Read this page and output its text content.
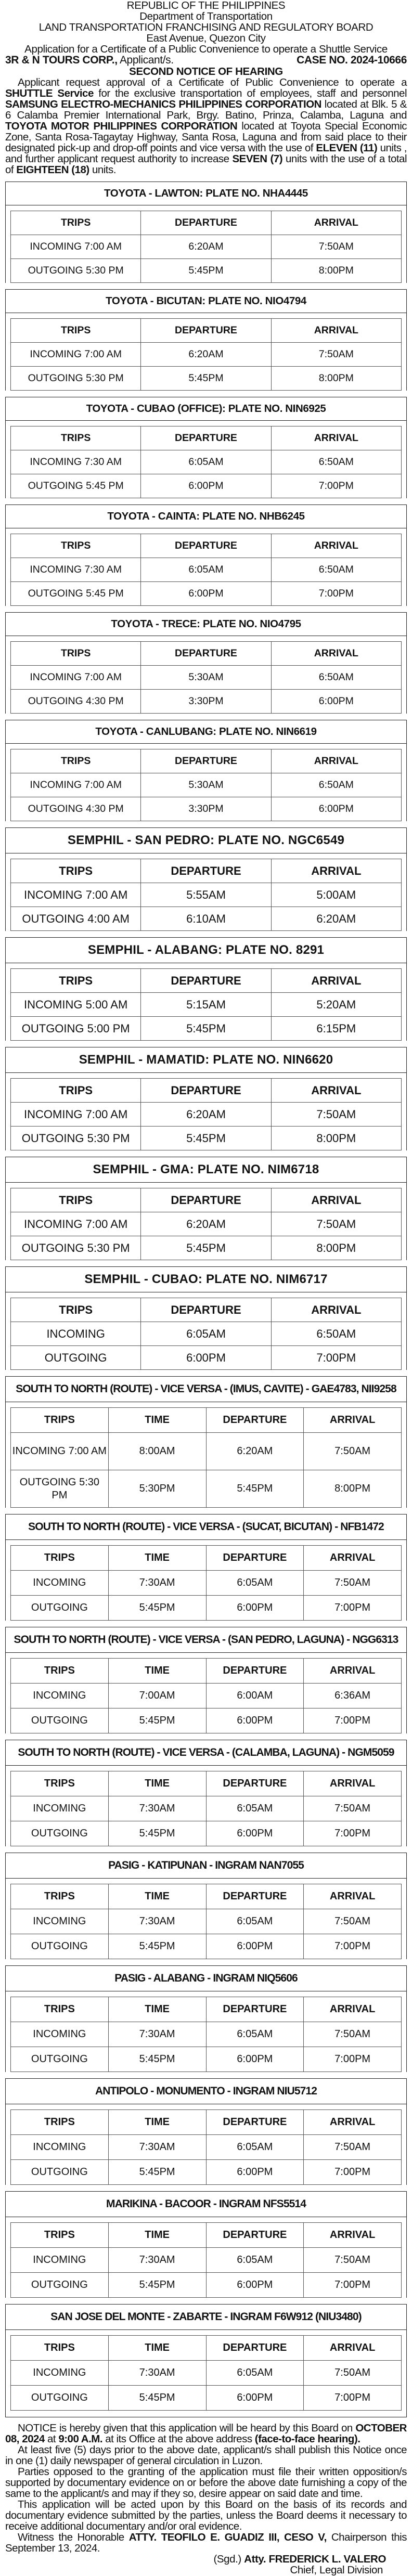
REPUBLIC OF THE PHILIPPINES
Department of Transportation
LAND TRANSPORTATION FRANCHISING AND REGULATORY BOARD
East Avenue, Quezon City
Application for a Certificate of a Public Convenience to operate a Shuttle Service
3R & N TOURS CORP., Applicant/s.	CASE NO. 2024-10666
SECOND NOTICE OF HEARING
Applicant request approval of a Certificate of Public Convenience to operate a SHUTTLE Service for the exclusive transportation of employees, staff and personnel SAMSUNG ELECTRO-MECHANICS PHILIPPINES CORPORATION located at Blk. 5 & 6 Calamba Premier International Park, Brgy. Batino, Prinza, Calamba, Laguna and TOYOTA MOTOR PHILIPPINES CORPORATION located at Toyota Special Economic Zone, Santa Rosa-Tagaytay Highway, Santa Rosa, Laguna and from said place to their designated pick-up and drop-off points and vice versa with the use of ELEVEN (11) units , and further applicant request authority to increase SEVEN (7) units with the use of a total of EIGHTEEN (18) units.
TOYOTA - LAWTON: PLATE NO. NHA4445
TRIPS	DEPARTURE	ARRIVAL
INCOMING 7:00 AM	6:20AM	7:50AM
OUTGOING 5:30 PM	5:45PM	8:00PM
TOYOTA - BICUTAN: PLATE NO. NIO4794
TRIPS	DEPARTURE	ARRIVAL
INCOMING 7:00 AM	6:20AM	7:50AM
OUTGOING 5:30 PM	5:45PM	8:00PM
TOYOTA - CUBAO (OFFICE): PLATE NO. NIN6925
TRIPS	DEPARTURE	ARRIVAL
INCOMING 7:30 AM	6:05AM	6:50AM
OUTGOING 5:45 PM	6:00PM	7:00PM
TOYOTA - CAINTA: PLATE NO. NHB6245
TRIPS	DEPARTURE	ARRIVAL
INCOMING 7:30 AM	6:05AM	6:50AM
OUTGOING 5:45 PM	6:00PM	7:00PM
TOYOTA - TRECE: PLATE NO. NIO4795
TRIPS	DEPARTURE	ARRIVAL
INCOMING 7:00 AM	5:30AM	6:50AM
OUTGOING 4:30 PM	3:30PM	6:00PM
TOYOTA - CANLUBANG: PLATE NO. NIN6619
TRIPS	DEPARTURE	ARRIVAL
INCOMING 7:00 AM	5:30AM	6:50AM
OUTGOING 4:30 PM	3:30PM	6:00PM
SEMPHIL - SAN PEDRO: PLATE NO. NGC6549
TRIPS	DEPARTURE	ARRIVAL
INCOMING 7:00 AM	5:55AM	5:00AM
OUTGOING 4:00 AM	6:10AM	6:20AM
SEMPHIL - ALABANG: PLATE NO. 8291
TRIPS	DEPARTURE	ARRIVAL
INCOMING 5:00 AM	5:15AM	5:20AM
OUTGOING 5:00 PM	5:45PM	6:15PM
SEMPHIL - MAMATID: PLATE NO. NIN6620
TRIPS	DEPARTURE	ARRIVAL
INCOMING 7:00 AM	6:20AM	7:50AM
OUTGOING 5:30 PM	5:45PM	8:00PM
SEMPHIL - GMA: PLATE NO. NIM6718
TRIPS	DEPARTURE	ARRIVAL
INCOMING 7:00 AM	6:20AM	7:50AM
OUTGOING 5:30 PM	5:45PM	8:00PM
SEMPHIL - CUBAO: PLATE NO. NIM6717
TRIPS	DEPARTURE	ARRIVAL
INCOMING	6:05AM	6:50AM
OUTGOING	6:00PM	7:00PM
SOUTH TO NORTH (ROUTE) - VICE VERSA - (IMUS, CAVITE) - GAE4783, NII9258
TRIPS	TIME	DEPARTURE	ARRIVAL
INCOMING 7:00 AM	8:00AM	6:20AM	7:50AM
OUTGOING 5:30 PM	5:30PM	5:45PM	8:00PM
SOUTH TO NORTH (ROUTE) - VICE VERSA - (SUCAT, BICUTAN) - NFB1472
TRIPS	TIME	DEPARTURE	ARRIVAL
INCOMING	7:30AM	6:05AM	7:50AM
OUTGOING	5:45PM	6:00PM	7:00PM
SOUTH TO NORTH (ROUTE) - VICE VERSA - (SAN PEDRO, LAGUNA) - NGG6313
TRIPS	TIME	DEPARTURE	ARRIVAL
INCOMING	7:00AM	6:00AM	6:36AM
OUTGOING	5:45PM	6:00PM	7:00PM
SOUTH TO NORTH (ROUTE) - VICE VERSA - (CALAMBA, LAGUNA) - NGM5059
TRIPS	TIME	DEPARTURE	ARRIVAL
INCOMING	7:30AM	6:05AM	7:50AM
OUTGOING	5:45PM	6:00PM	7:00PM
PASIG - KATIPUNAN - INGRAM NAN7055
TRIPS	TIME	DEPARTURE	ARRIVAL
INCOMING	7:30AM	6:05AM	7:50AM
OUTGOING	5:45PM	6:00PM	7:00PM
PASIG - ALABANG - INGRAM NIQ5606
TRIPS	TIME	DEPARTURE	ARRIVAL
INCOMING	7:30AM	6:05AM	7:50AM
OUTGOING	5:45PM	6:00PM	7:00PM
ANTIPOLO - MONUMENTO - INGRAM NIU5712
TRIPS	TIME	DEPARTURE	ARRIVAL
INCOMING	7:30AM	6:05AM	7:50AM
OUTGOING	5:45PM	6:00PM	7:00PM
MARIKINA - BACOOR - INGRAM NFS5514
TRIPS	TIME	DEPARTURE	ARRIVAL
INCOMING	7:30AM	6:05AM	7:50AM
OUTGOING	5:45PM	6:00PM	7:00PM
SAN JOSE DEL MONTE - ZABARTE - INGRAM F6W912 (NIU3480)
TRIPS	TIME	DEPARTURE	ARRIVAL
INCOMING	7:30AM	6:05AM	7:50AM
OUTGOING	5:45PM	6:00PM	7:00PM
NOTICE is hereby given that this application will be heard by this Board on OCTOBER 08, 2024 at 9:00 A.M. at its Office at the above address (face-to-face hearing).
At least five (5) days prior to the above date, applicant/s shall publish this Notice once in one (1) daily newspaper of general circulation in Luzon.
Parties opposed to the granting of the application must file their written opposition/s supported by documentary evidence on or before the above date furnishing a copy of the same to the applicant/s and may if they so, desire appear on said date and time.
This application will be acted upon by this Board on the basis of its records and documentary evidence submitted by the parties, unless the Board deems it necessary to receive additional documentary and/or oral evidence.
Witness the Honorable ATTY. TEOFILO E. GUADIZ III, CESO V, Chairperson this September 13, 2024.
(Sgd.) Atty. FREDERICK L. VALERO
Chief, Legal Division
